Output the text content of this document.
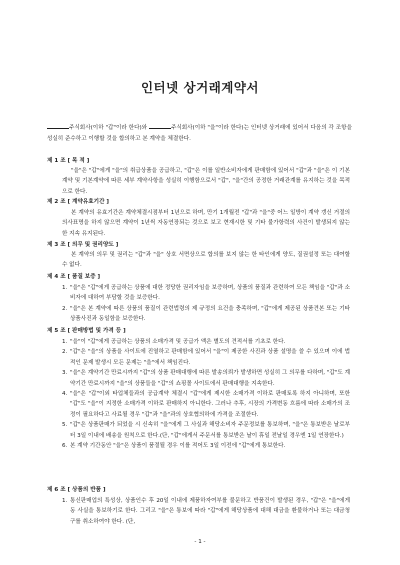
인터넷 상거래계약서
주식회사(이하 "갑"이라 한다)와	주식회사(이하 "을"이라 한다)는 인터넷 상거래에 있어서 다음의 각 조항을 성실히 준수하고 이행할 것을 합의하고 본 계약을 체결한다.
제 1 조 [ 목 적 ]
"을"은 "갑"에게 "을"의 취급상품을 공급하고, "갑"은 이를 일반소비자에게 판매함에 있어서 "갑"과 "을"은 이 기본계약 및 기본계약에 따른 세부 계약사항을 성실히 이행함으로서 "갑", "을"간의 공정한 거래관계를 유지하는 것을 목적으로 한다.
제 2 조 [ 계약유효기간 ]
본 계약의 유효기간은 계약체결시점부터 1년으로 하며, 만기 1개월전 "갑"과 "을"중 어느 일방이 계약 갱신 거절의 의사표명을 하지 않으면 계약이 1년씩 자동연장되는 것으로 보고 현재시한 및 기타 불가항력의 사건이 발생되지 않는 한 지속 유지된다.
제 3 조 [ 의무 및 권리양도 ]
본 계약의 의무 및 권리는 "갑"과 "을" 상호 서면상으로 합의를 보지 않는 한 타인에게 양도, 질권설정 또는 대여할 수 없다.
제 4 조 [ 품질 보증 ]
1. "을"은 "갑"에게 공급하는 상품에 대한 정당한 권리자임을 보증하며, 상품의 품질과 관련하여 모든 책임을 "갑"과 소비자에 대하여 부담할 것을 보증한다.
2. "을"은 본 계약에 따른 상품의 품질이 관련법령의 제 규정의 요건을 충족하며, "갑"에게 제공된 상품견본 또는 기타 상품사진과 동일함을 보증한다.
제 5 조 [ 판매방법 및 가격 등 ]
1. "을"이 "갑"에게 공급하는 상품의 소매가격 및 공급가 액은 별도의 견적서를 기초로 한다.
2. "갑"은 "을"의 상품을 사이트에 진열하고 판매함에 있어서 "을"이 제공한 사진과 상품 설명을 쓸 수 있으며 이에 법적인 문제 발생시 모든 문제는 "을"에서 책임진다.
3. "을"은 계약기간 만료시까지 "갑"의 상품 판매대행에 따른 발송의뢰가 발생하면 성실히 그 의무를 다하며, "갑"도 계약기간 만료시까지 "을"의 상품들을 "갑"의 쇼핑몰 사이트에서 판매대행을 지속한다.
4. "을"은 "갑"이외 타업체들과의 공급계약 체결시 "갑"에게 제시한 소매가격 이하로 판매토록 하지 아니하며, 또한 "갑"도 "을"이 지정한 소매가격 이하로 판매하지 아니한다. 그러나 추후, 시장의 가격변동 흐름에 따라 소매가의 조정이 필요하다고 사료될 경우 "갑"과 "을"과의 상호협의하에 가격을 조절한다.
5. "갑"은 상품판매가 되었을 시 신속히 "을"에게 그 사실과 해당소비자 주문정보를 통보하며, "을"은 통보받은 날로부터 3일 이내에 배송을 원칙으로 한다.(단, "갑"에게서 주문서를 통보받은 날이 휴일 전날일 경우엔 1일 연장한다.)
6. 본 계약 기간동안 "을"은 상품이 품절될 경우 이를 적어도 3일 이전에 "갑"에게 통보한다.
제 6 조 [ 상품의 반품 ]
1. 통신판매업의 특성상, 상품인수 후 20일 이내에 제품하자여부를 불문하고 반품건이 발생된 경우, "갑"은 "을"에게 동 사실을 통보하기로 한다. 그리고 "을"은 통보에 따라 "갑"에게 해당상품에 대해 대금을 환불하거나 또는 대금청구를 취소하여야 한다. (단,
- 1 -
